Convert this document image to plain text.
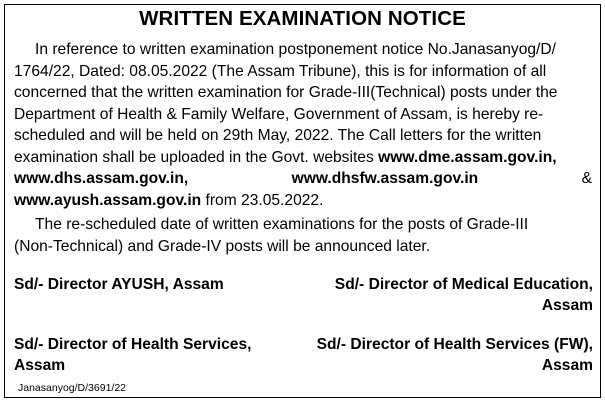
WRITTEN EXAMINATION NOTICE
In reference to written examination postponement notice No.Janasanyog/D/
1764/22, Dated: 08.05.2022 (The Assam Tribune), this is for information of all
concerned that the written examination for Grade-III(Technical) posts under the
Department of Health & Family Welfare, Government of Assam, is hereby re-
scheduled and will be held on 29th May, 2022. The Call letters for the written
examination shall be uploaded in the Govt. websites www.dme.assam.gov.in,
www.dhs.assam.gov.in,	www.dhsfw.assam.gov.in	&
www.ayush.assam.gov.in from 23.05.2022.
The re-scheduled date of written examinations for the posts of Grade-III
(Non-Technical) and Grade-IV posts will be announced later.
Sd/- Director AYUSH, Assam	Sd/- Director of Medical Education,
Assam
Sd/- Director of Health Services,
Assam
Sd/- Director of Health Services (FW),
Assam
Janasanyog/D/3691/22
